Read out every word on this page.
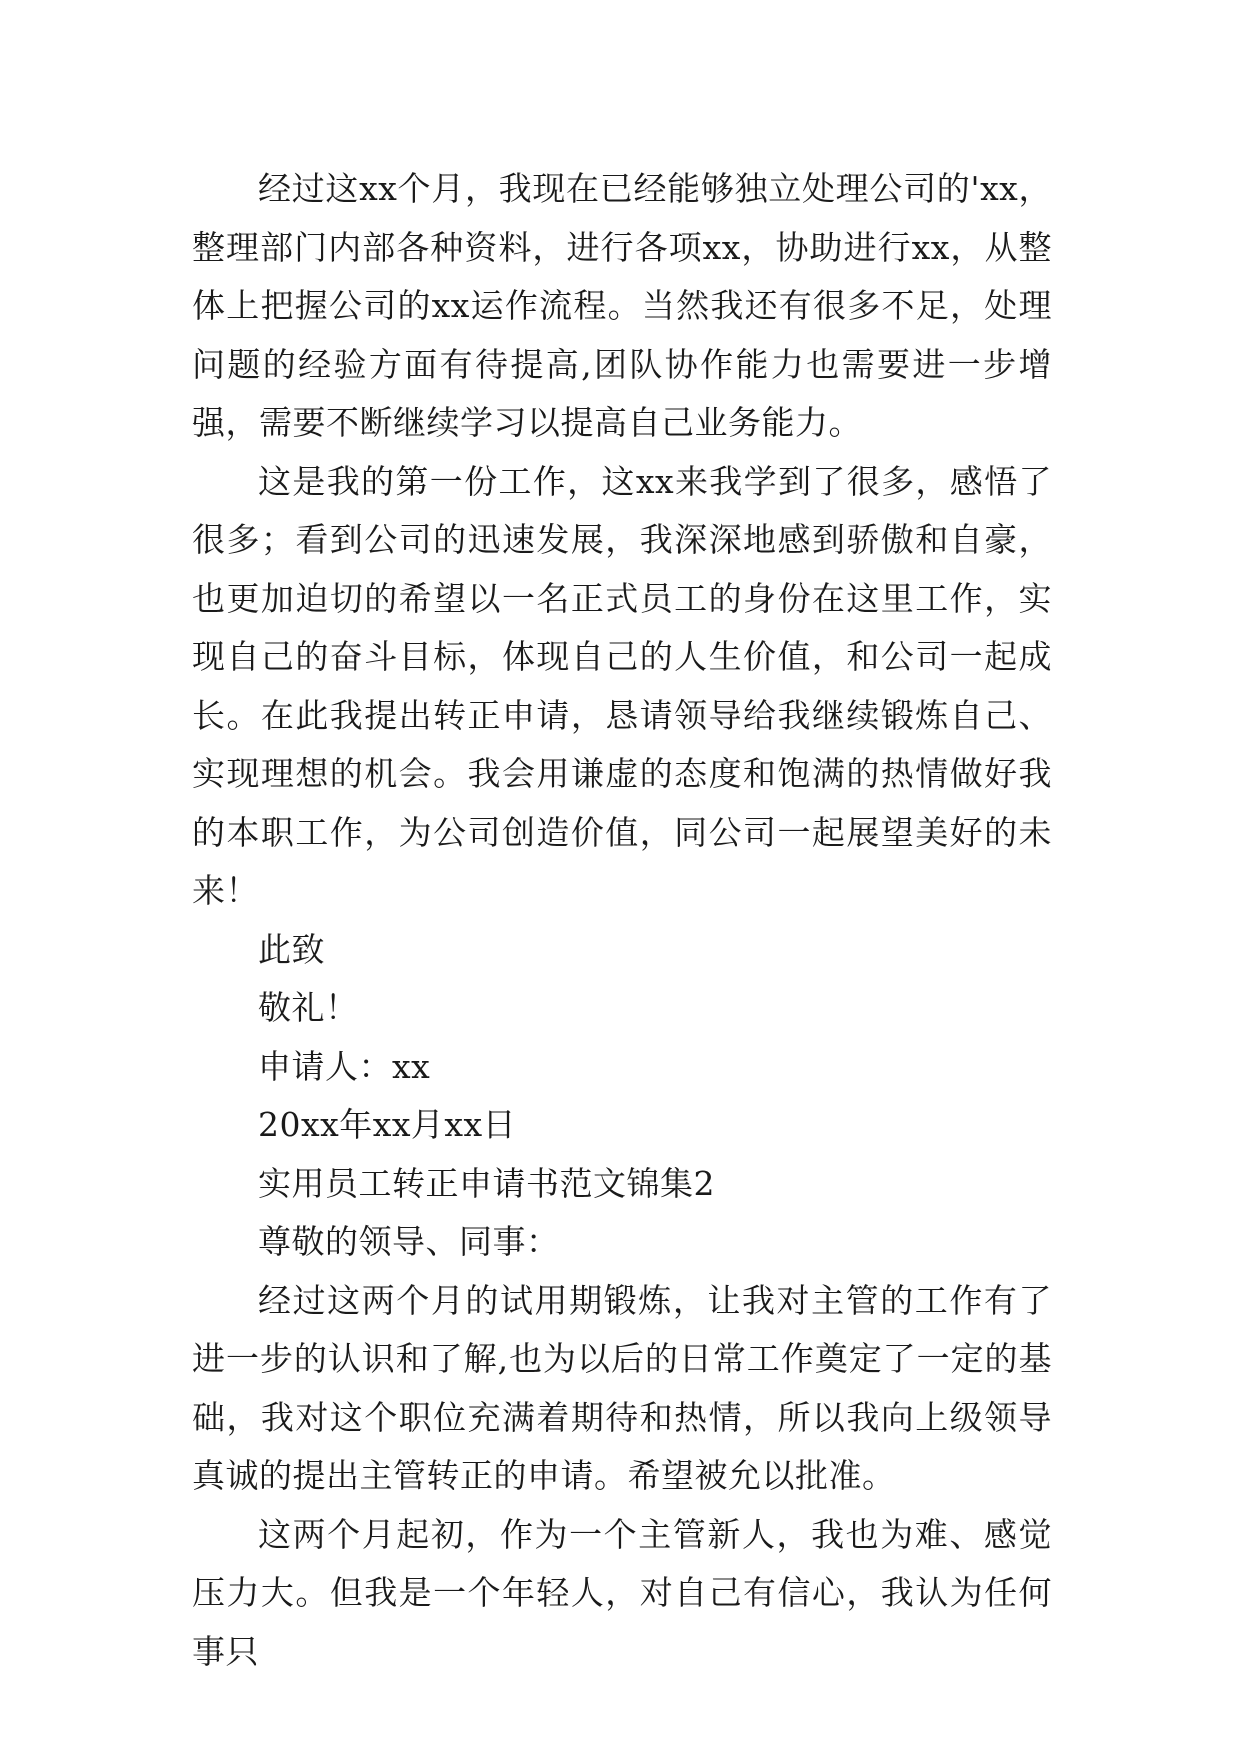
经过这xx个月，我现在已经能够独立处理公司的'xx，整理部门内部各种资料，进行各项xx，协助进行xx，从整体上把握公司的xx运作流程。当然我还有很多不足，处理问题的经验方面有待提高,团队协作能力也需要进一步增强，需要不断继续学习以提高自己业务能力。

这是我的第一份工作，这xx来我学到了很多，感悟了很多；看到公司的迅速发展，我深深地感到骄傲和自豪，也更加迫切的希望以一名正式员工的身份在这里工作，实现自己的奋斗目标，体现自己的人生价值，和公司一起成长。在此我提出转正申请，恳请领导给我继续锻炼自己、实现理想的机会。我会用谦虚的态度和饱满的热情做好我的本职工作，为公司创造价值，同公司一起展望美好的未来！

此致

敬礼！

申请人：xx

20xx年xx月xx日

实用员工转正申请书范文锦集2

尊敬的领导、同事：

经过这两个月的试用期锻炼，让我对主管的工作有了进一步的认识和了解,也为以后的日常工作奠定了一定的基础，我对这个职位充满着期待和热情，所以我向上级领导真诚的提出主管转正的申请。希望被允以批准。

这两个月起初，作为一个主管新人，我也为难、感觉压力大。但我是一个年轻人，对自己有信心，我认为任何事只
